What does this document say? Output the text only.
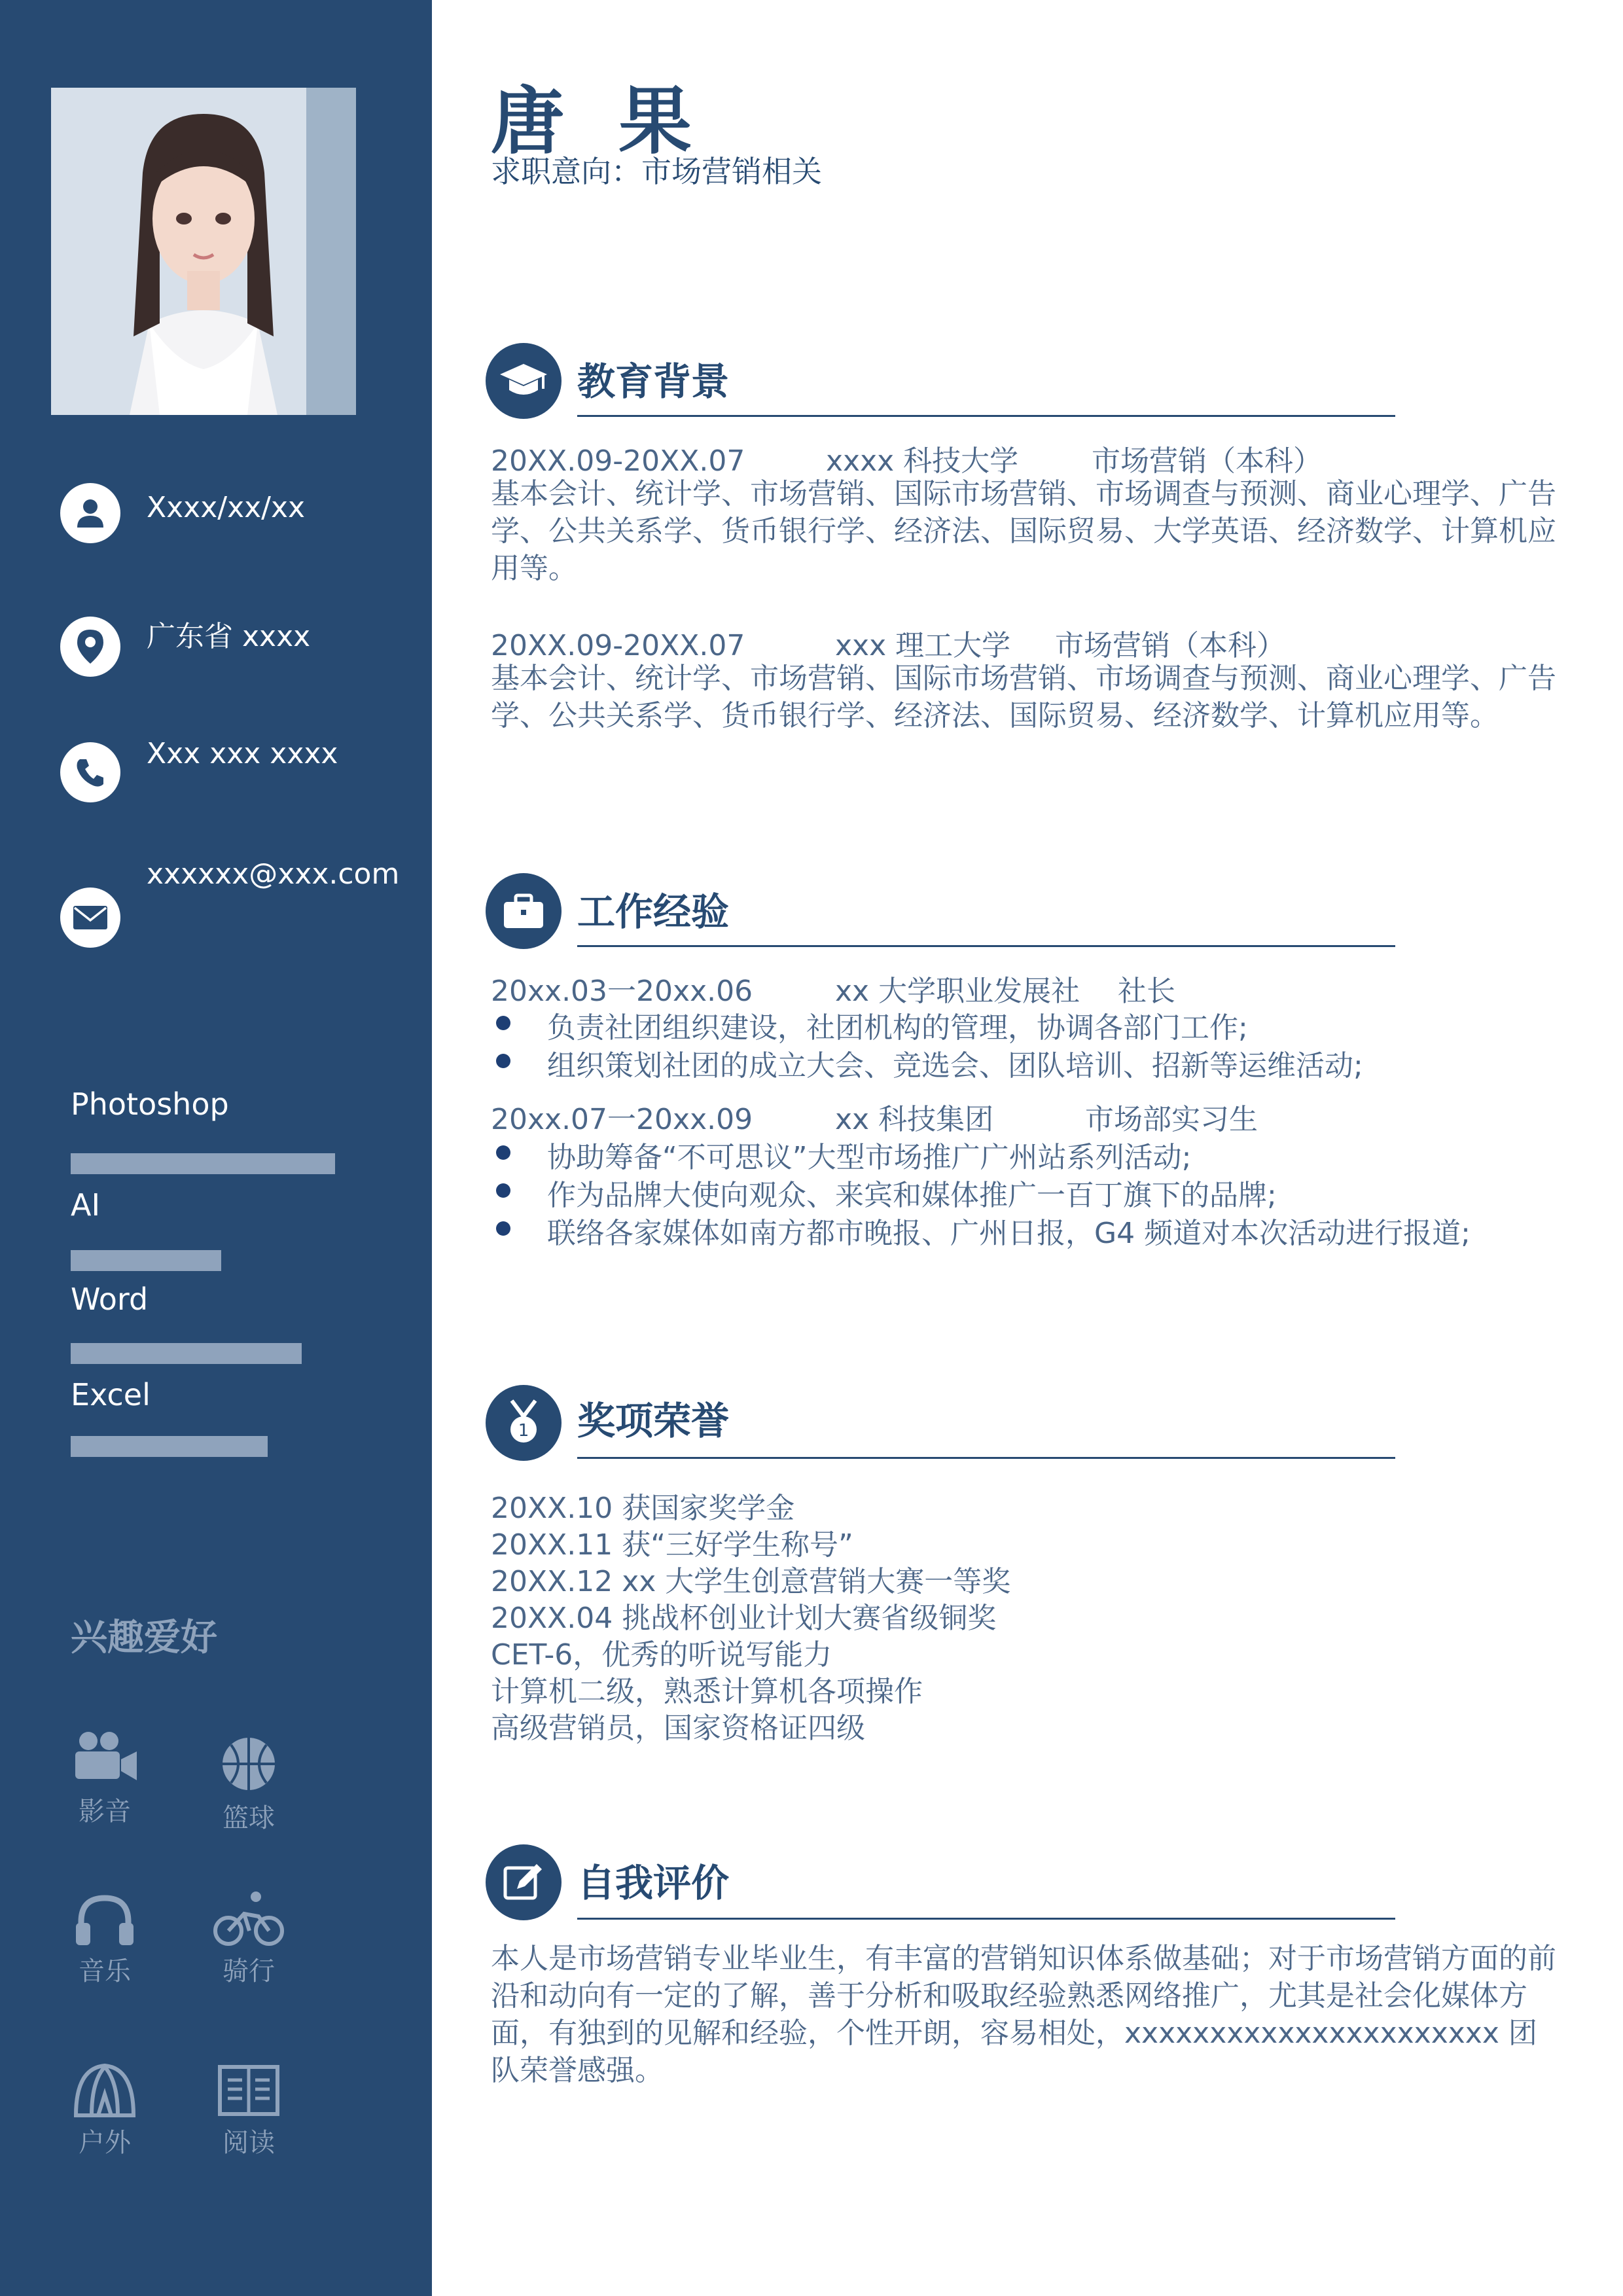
Xxxx/xx/xx
广东省 xxxx
Xxx xxx xxxx
xxxxxx@xxx.com
Photoshop
AI
Word
Excel
兴趣爱好
影音	篮球
音乐	骑行
户外	阅读
唐 果
求职意向：市场营销相关
教育背景
20XX.09-20XX.07	xxxx 科技大学	市场营销（本科）
基本会计、统计学、市场营销、国际市场营销、市场调查与预测、商业心理学、广告学、公共关系学、货币银行学、经济法、国际贸易、大学英语、经济数学、计算机应用等。
20XX.09-20XX.07	xxx 理工大学 市场营销（本科）
基本会计、统计学、市场营销、国际市场营销、市场调查与预测、商业心理学、广告学、公共关系学、货币银行学、经济法、国际贸易、经济数学、计算机应用等。
工作经验
20xx.03一20xx.06	xx 大学职业发展社 社长
负责社团组织建设，社团机构的管理，协调各部门工作;
组织策划社团的成立大会、竞选会、团队培训、招新等运维活动;
20xx.07一20xx.09	xx 科技集团	市场部实习生
协助筹备“不可思议”大型市场推广广州站系列活动;
作为品牌大使向观众、来宾和媒体推广一百丁旗下的品牌;
联络各家媒体如南方都市晚报、广州日报，G4 频道对本次活动进行报道;
1 奖项荣誉
20XX.10 获国家奖学金
20XX.11 获“三好学生称号”
20XX.12 xx 大学生创意营销大赛一等奖
20XX.04 挑战杯创业计划大赛省级铜奖
CET-6，优秀的听说写能力
计算机二级，熟悉计算机各项操作
高级营销员，国家资格证四级
自我评价
本人是市场营销专业毕业生，有丰富的营销知识体系做基础；对于市场营销方面的前沿和动向有一定的了解，善于分析和吸取经验熟悉网络推广，尤其是社会化媒体方面，有独到的见解和经验，个性开朗，容易相处，xxxxxxxxxxxxxxxxxxxxxx 团队荣誉感强。
